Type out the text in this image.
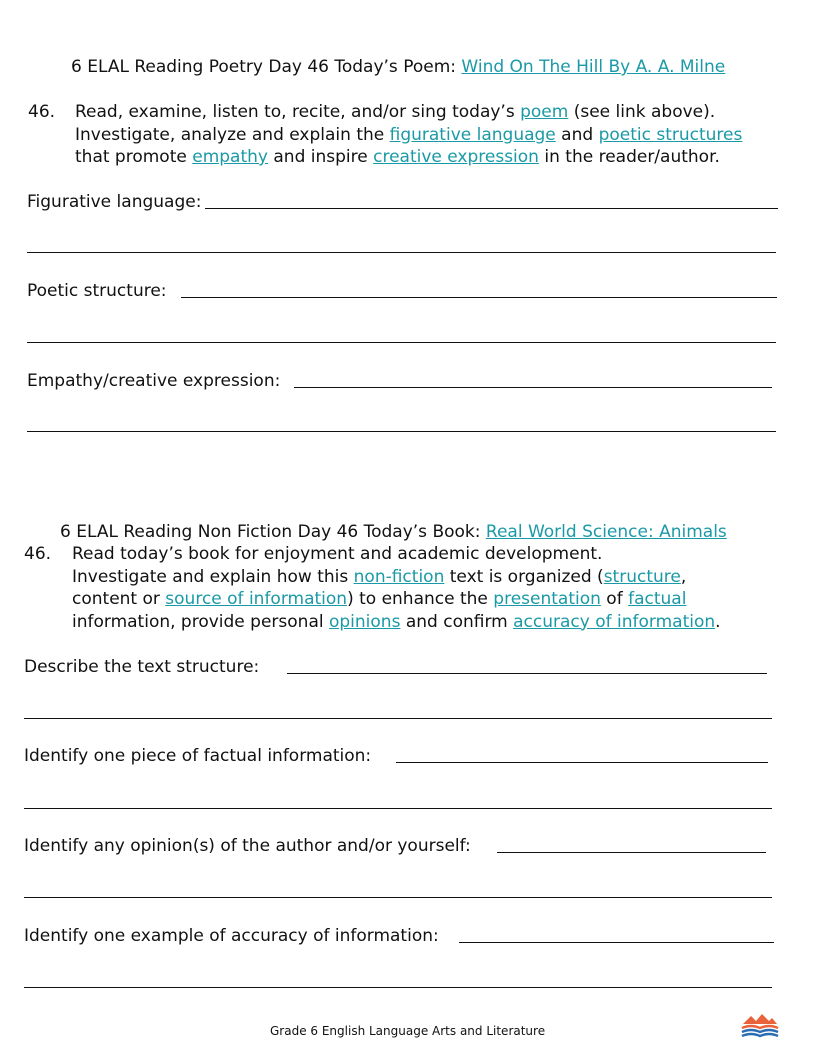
6 ELAL Reading Poetry Day 46 Today’s Poem: Wind On The Hill By A. A. Milne
46. Read, examine, listen to, recite, and/or sing today’s poem (see link above).
Investigate, analyze and explain the figurative language and poetic structures
that promote empathy and inspire creative expression in the reader/author.
Figurative language:
Poetic structure:
Empathy/creative expression:
6 ELAL Reading Non Fiction Day 46 Today’s Book: Real World Science: Animals
46. Read today’s book for enjoyment and academic development.
Investigate and explain how this non-fiction text is organized (structure,
content or source of information) to enhance the presentation of factual
information, provide personal opinions and confirm accuracy of information.
Describe the text structure:
Identify one piece of factual information:
Identify any opinion(s) of the author and/or yourself:
Identify one example of accuracy of information:
Grade 6 English Language Arts and Literature
